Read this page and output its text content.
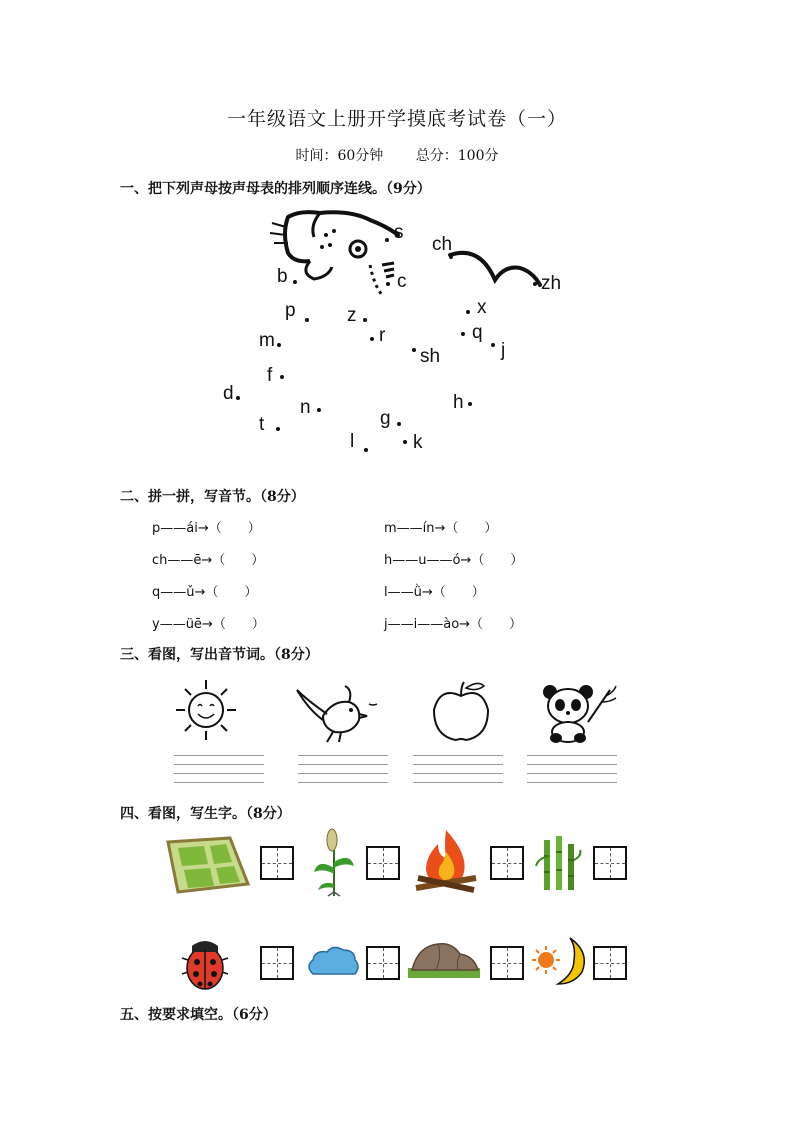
一年级语文上册开学摸底考试卷（一）
时间：60分钟 总分：100分
一、把下列声母按声母表的排列顺序连线。（9分）
s
ch
zh
b	c
p	z	x
m	r	q
j
sh
f
d
n	h
g
t
l	k
二、拼一拼，写音节。（8分）
p——ái→（　　）	m——ín→（　　）
ch——ē→（　　）	h——u——ó→（　　）
q——ǔ→（　　）	l——ǜ→（　　）
y——üē→（　　）	j——i——ào→（　　）
三、看图，写出音节词。（8分）
四、看图，写生字。（8分）
五、按要求填空。（6分）
